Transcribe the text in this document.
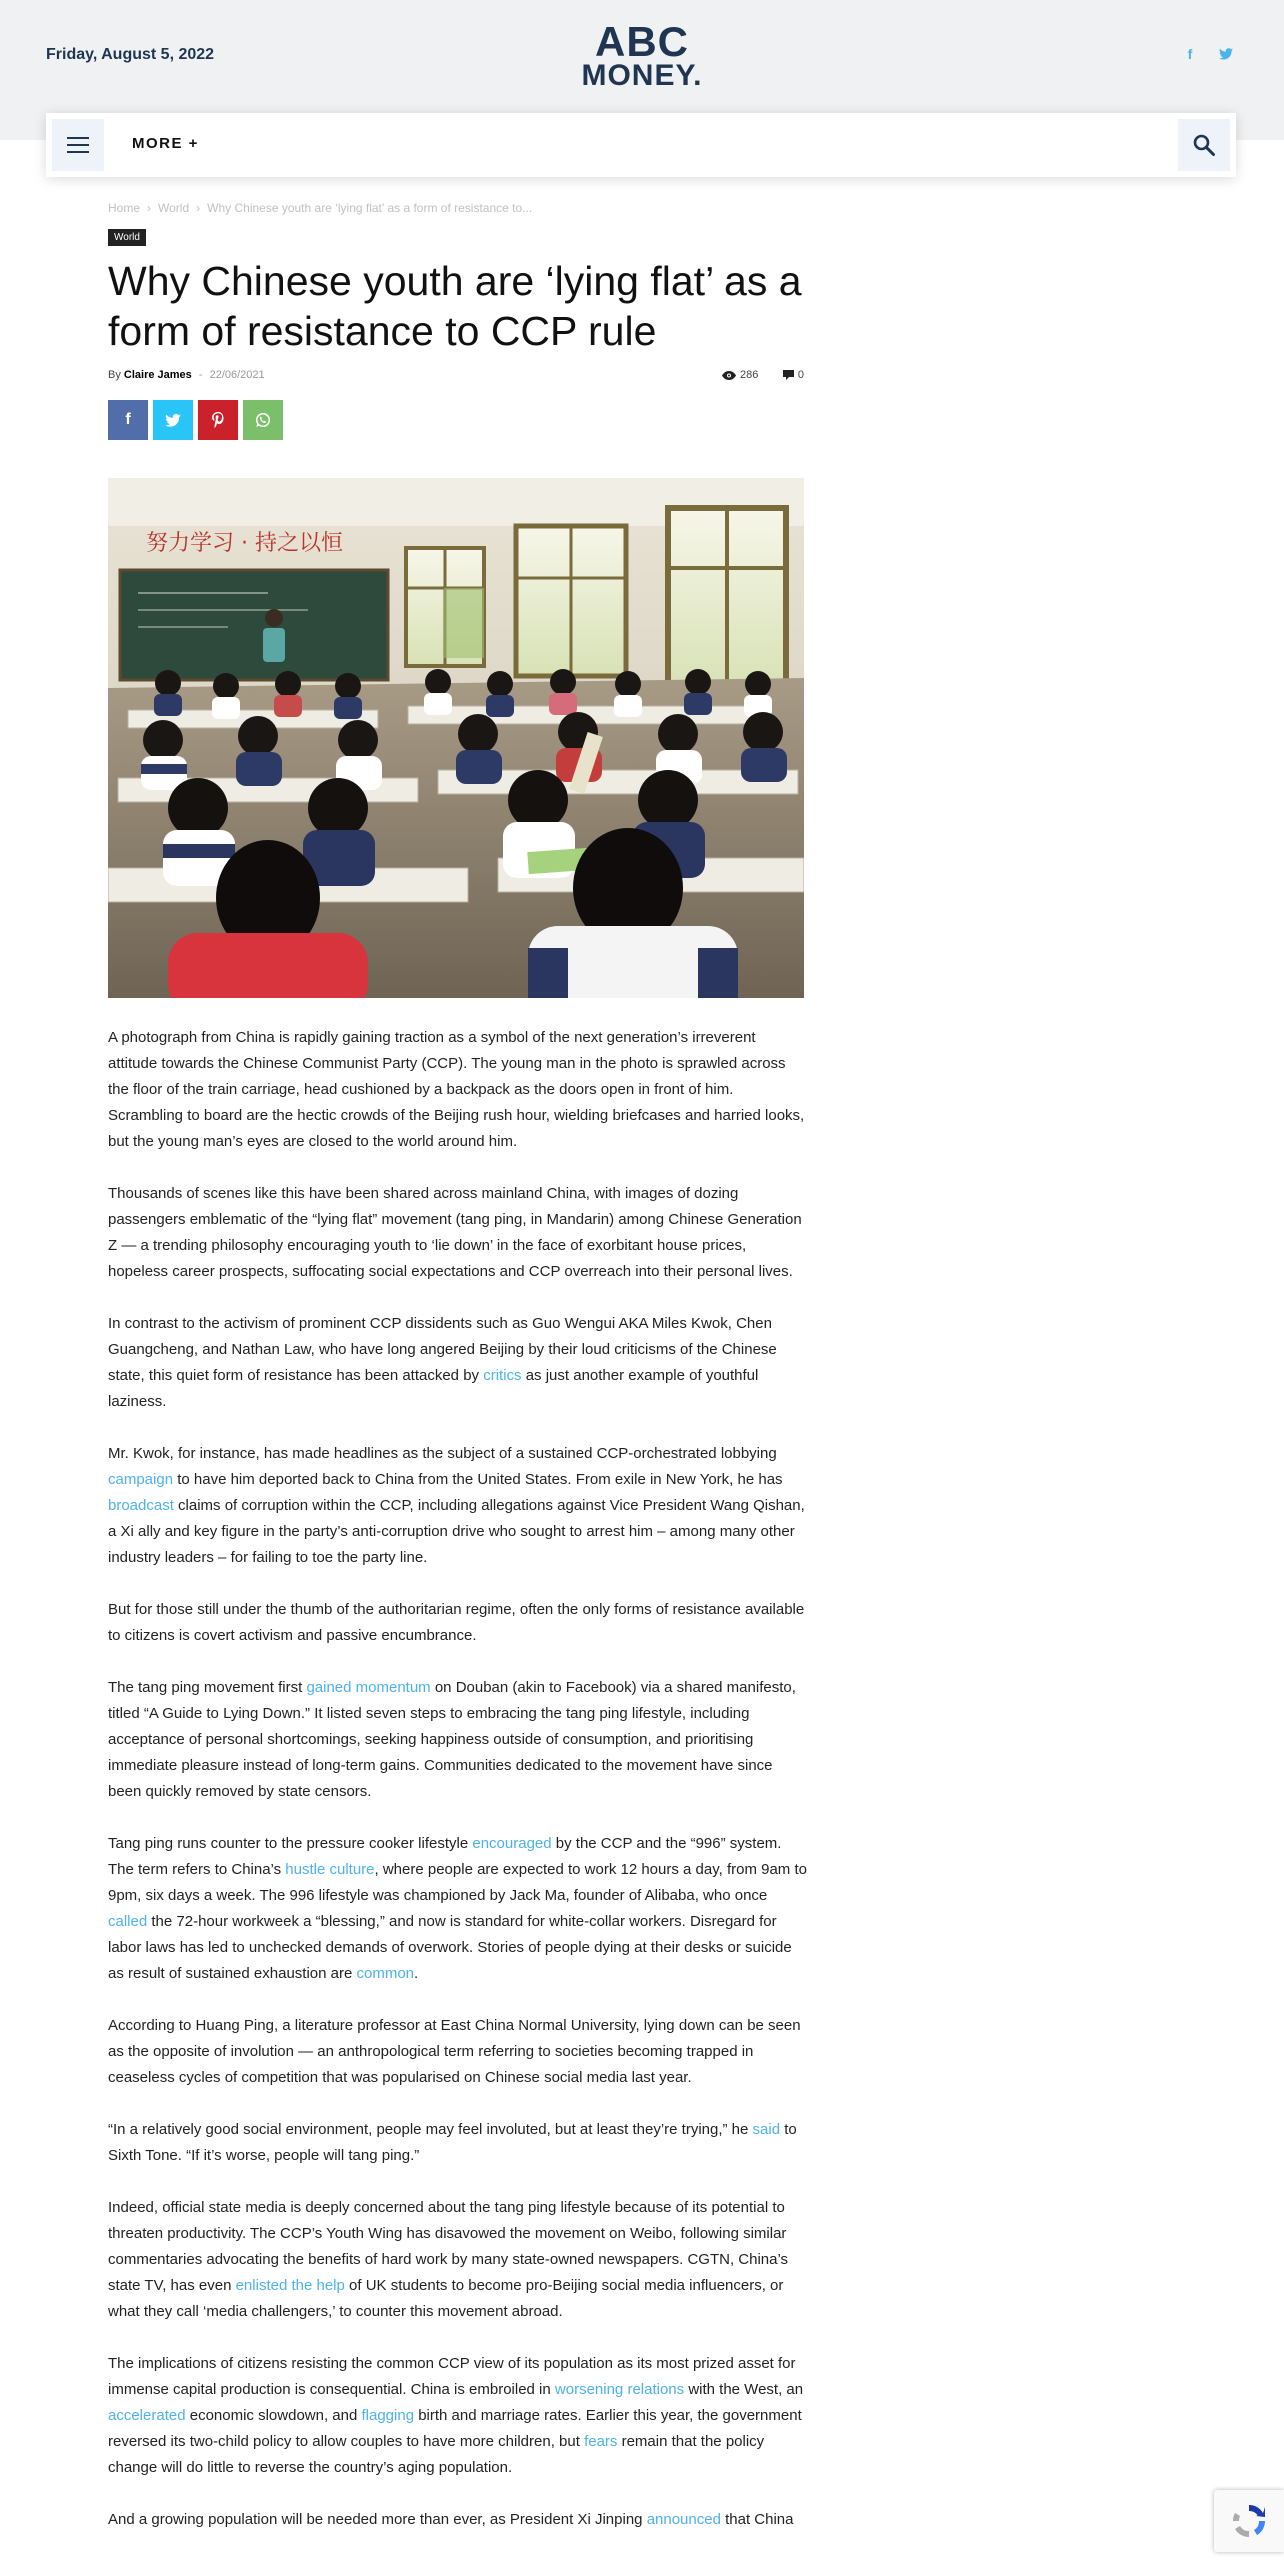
Friday, August 5, 2022	ABC
MONEY.
f
MORE +
Home › World › Why Chinese youth are ‘lying flat’ as a form of resistance to...
World
Why Chinese youth are ‘lying flat’ as a form of resistance to CCP rule
By Claire James - 22/06/2021	286	0
f
努力学习 · 持之以恒

A photograph from China is rapidly gaining traction as a symbol of the next generation’s irreverent attitude towards the Chinese Communist Party (CCP). The young man in the photo is sprawled across the floor of the train carriage, head cushioned by a backpack as the doors open in front of him. Scrambling to board are the hectic crowds of the Beijing rush hour, wielding briefcases and harried looks, but the young man’s eyes are closed to the world around him.

Thousands of scenes like this have been shared across mainland China, with images of dozing passengers emblematic of the “lying flat” movement (tang ping, in Mandarin) among Chinese Generation Z — a trending philosophy encouraging youth to ‘lie down’ in the face of exorbitant house prices, hopeless career prospects, suffocating social expectations and CCP overreach into their personal lives.

In contrast to the activism of prominent CCP dissidents such as Guo Wengui AKA Miles Kwok, Chen Guangcheng, and Nathan Law, who have long angered Beijing by their loud criticisms of the Chinese state, this quiet form of resistance has been attacked by critics as just another example of youthful laziness.

Mr. Kwok, for instance, has made headlines as the subject of a sustained CCP-orchestrated lobbying campaign to have him deported back to China from the United States. From exile in New York, he has broadcast claims of corruption within the CCP, including allegations against Vice President Wang Qishan, a Xi ally and key figure in the party’s anti-corruption drive who sought to arrest him – among many other industry leaders – for failing to toe the party line.

But for those still under the thumb of the authoritarian regime, often the only forms of resistance available to citizens is covert activism and passive encumbrance.

The tang ping movement first gained momentum on Douban (akin to Facebook) via a shared manifesto, titled “A Guide to Lying Down.” It listed seven steps to embracing the tang ping lifestyle, including acceptance of personal shortcomings, seeking happiness outside of consumption, and prioritising immediate pleasure instead of long-term gains. Communities dedicated to the movement have since been quickly removed by state censors.

Tang ping runs counter to the pressure cooker lifestyle encouraged by the CCP and the “996” system. The term refers to China’s hustle culture, where people are expected to work 12 hours a day, from 9am to 9pm, six days a week. The 996 lifestyle was championed by Jack Ma, founder of Alibaba, who once called the 72-hour workweek a “blessing,” and now is standard for white-collar workers. Disregard for labor laws has led to unchecked demands of overwork. Stories of people dying at their desks or suicide as result of sustained exhaustion are common.

According to Huang Ping, a literature professor at East China Normal University, lying down can be seen as the opposite of involution — an anthropological term referring to societies becoming trapped in ceaseless cycles of competition that was popularised on Chinese social media last year.

“In a relatively good social environment, people may feel involuted, but at least they’re trying,” he said to Sixth Tone. “If it’s worse, people will tang ping.”

Indeed, official state media is deeply concerned about the tang ping lifestyle because of its potential to threaten productivity. The CCP’s Youth Wing has disavowed the movement on Weibo, following similar commentaries advocating the benefits of hard work by many state-owned newspapers. CGTN, China’s state TV, has even enlisted the help of UK students to become pro-Beijing social media influencers, or what they call ‘media challengers,’ to counter this movement abroad.

The implications of citizens resisting the common CCP view of its population as its most prized asset for immense capital production is consequential. China is embroiled in worsening relations with the West, an accelerated economic slowdown, and flagging birth and marriage rates. Earlier this year, the government reversed its two-child policy to allow couples to have more children, but fears remain that the policy change will do little to reverse the country’s aging population.

And a growing population will be needed more than ever, as President Xi Jinping announced that China
